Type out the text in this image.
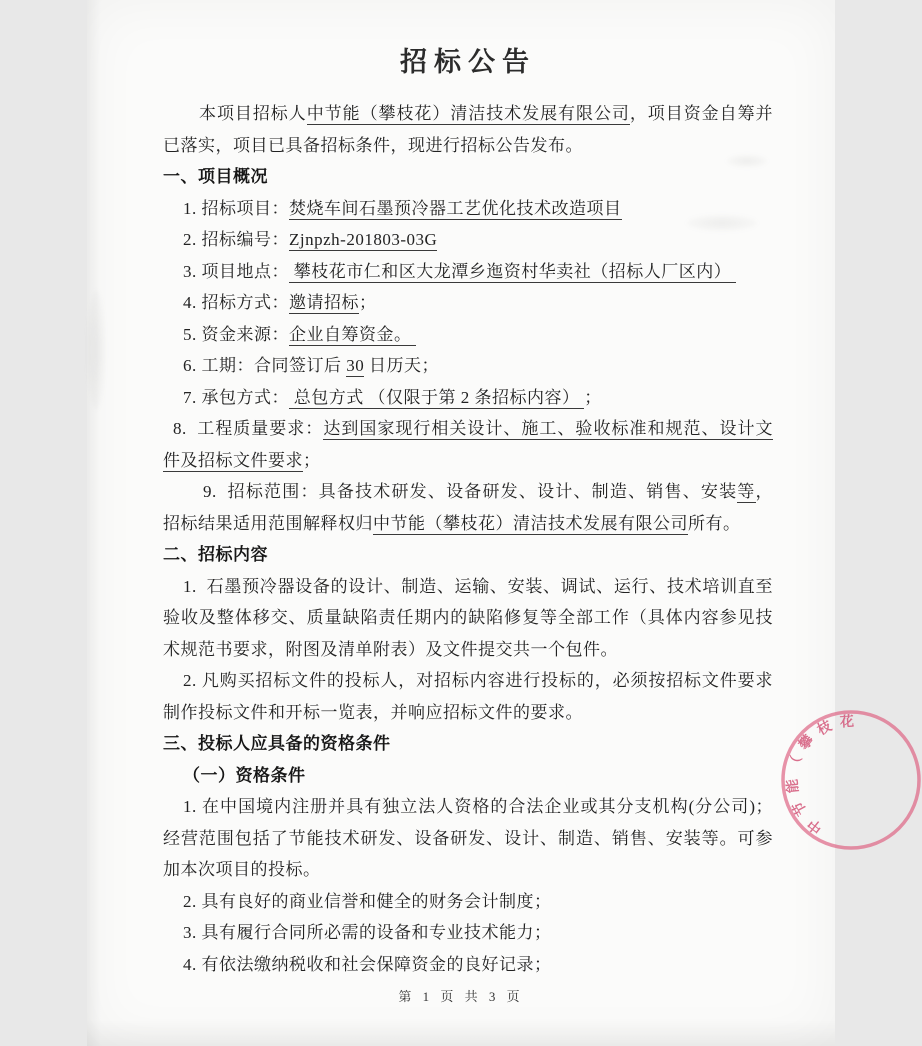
招标公告

本项目招标人中节能（攀枝花）清洁技术发展有限公司，项目资金自筹并已落实，项目已具备招标条件，现进行招标公告发布。

一、项目概况

1. 招标项目：焚烧车间石墨预冷器工艺优化技术改造项目

2. 招标编号：Zjnpzh-201803-03G

3. 项目地点： 攀枝花市仁和区大龙潭乡迤资村华卖社（招标人厂区内）

4. 招标方式：邀请招标；

5. 资金来源：企业自筹资金。

6. 工期：合同签订后 30 日历天；

7. 承包方式： 总包方式 （仅限于第 2 条招标内容） ；

8.  工程质量要求：达到国家现行相关设计、施工、验收标准和规范、设计文件及招标文件要求；

9.  招标范围：具备技术研发、设备研发、设计、制造、销售、安装等，  招标结果适用范围解释权归中节能（攀枝花）清洁技术发展有限公司所有。

二、招标内容

1.  石墨预冷器设备的设计、制造、运输、安装、调试、运行、技术培训直至验收及整体移交、质量缺陷责任期内的缺陷修复等全部工作（具体内容参见技术规范书要求，附图及清单附表）及文件提交共一个包件。

2. 凡购买招标文件的投标人，对招标内容进行投标的，必须按招标文件要求制作投标文件和开标一览表，并响应招标文件的要求。

三、投标人应具备的资格条件

（一）资格条件

1. 在中国境内注册并具有独立法人资格的合法企业或其分支机构(分公司)；经营范围包括了节能技术研发、设备研发、设计、制造、销售、安装等。可参加本次项目的投标。

2. 具有良好的商业信誉和健全的财务会计制度；

3. 具有履行合同所必需的设备和专业技术能力；

4. 有依法缴纳税收和社会保障资金的良好记录；

第 1 页 共 3 页
中
节
能
（
攀
枝 花
